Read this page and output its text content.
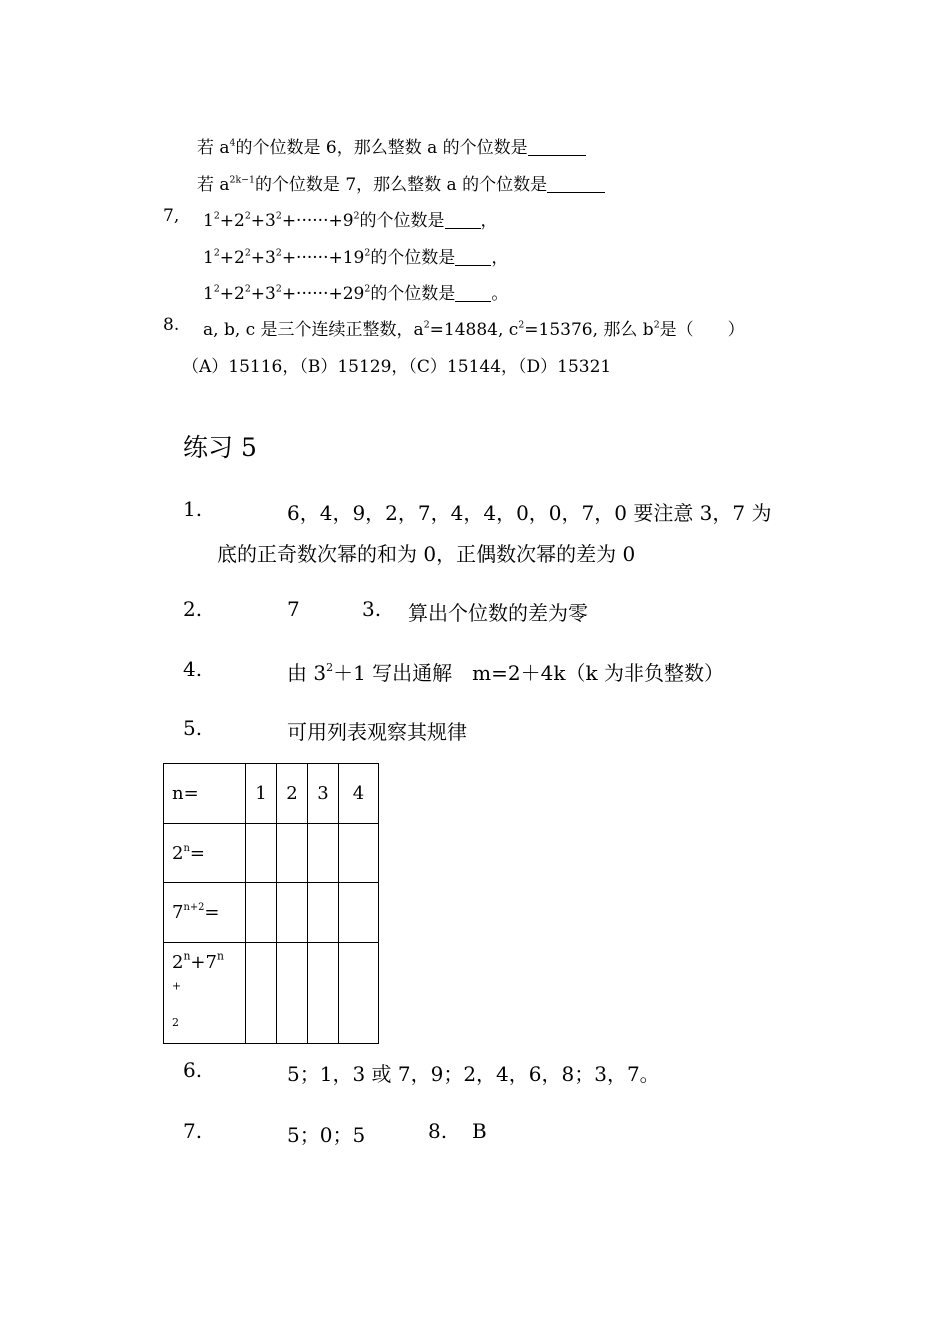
若 $a^4$的个位数是 6，那么整数 a 的个位数是
若 $a^{2k-1}$的个位数是 7，那么整数 a 的个位数是
7, $1^2+2^2+3^2+\cdot\cdot\cdot\cdot\cdot\cdot+9^2$的个位数是 ，
$1^2+2^2+3^2+\cdot\cdot\cdot\cdot\cdot\cdot+19^2$的个位数是 ，
$1^2+2^2+3^2+\cdot\cdot\cdot\cdot\cdot\cdot+29^2$的个位数是 。
8. a, b, c 是三个连续正整数，$a^2=14884$, $c^2=15376$, 那么 $b^2$是（　　）
（A）15116，（B）15129，（C）15144，（D）15321
练习 5
1.	6，4，9，2，7，4，4，0，0，7，0 要注意 3，7 为
底的正奇数次幂的和为 0，正偶数次幂的差为 0
2.	7	3. 算出个位数的差为零
4.	由 $3^2+1$ 写出通解　m=2＋4k（k 为非负整数）
5.	可用列表观察其规律
n=	1	2	3	4
$2^n=$				
$7^{n+2}=$				

$2^n+7^{n+}$
$^2$

6.	5；1，3 或 7，9；2，4，6，8；3，7。
7.	5；0；5	8. B
